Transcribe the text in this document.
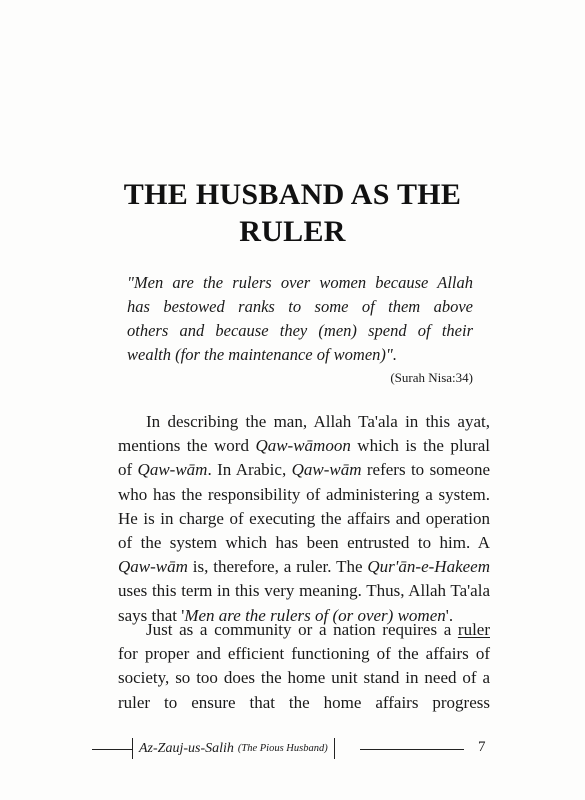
THE HUSBAND AS THE
RULER
"Men are the rulers over women because Allah
has bestowed ranks to some of them above
others and because they (men) spend of their
wealth (for the maintenance of women)".
(Surah Nisa:34)
In describing the man, Allah Ta'ala in this ayat,
mentions the word Qaw-wāmoon which is the plural
of Qaw-wām. In Arabic, Qaw-wām refers to someone
who has the responsibility of administering a system.
He is in charge of executing the affairs and operation
of the system which has been entrusted to him. A
Qaw-wām is, therefore, a ruler. The Qur'ān-e-Hakeem
uses this term in this very meaning. Thus, Allah Ta'ala
says that 'Men are the rulers of (or over) women'.
Just as a community or a nation requires a ruler
for proper and efficient functioning of the affairs of
society, so too does the home unit stand in need of a
ruler to ensure that the home affairs progress
Az-Zauj-us-Salih (The Pious Husband)	7
